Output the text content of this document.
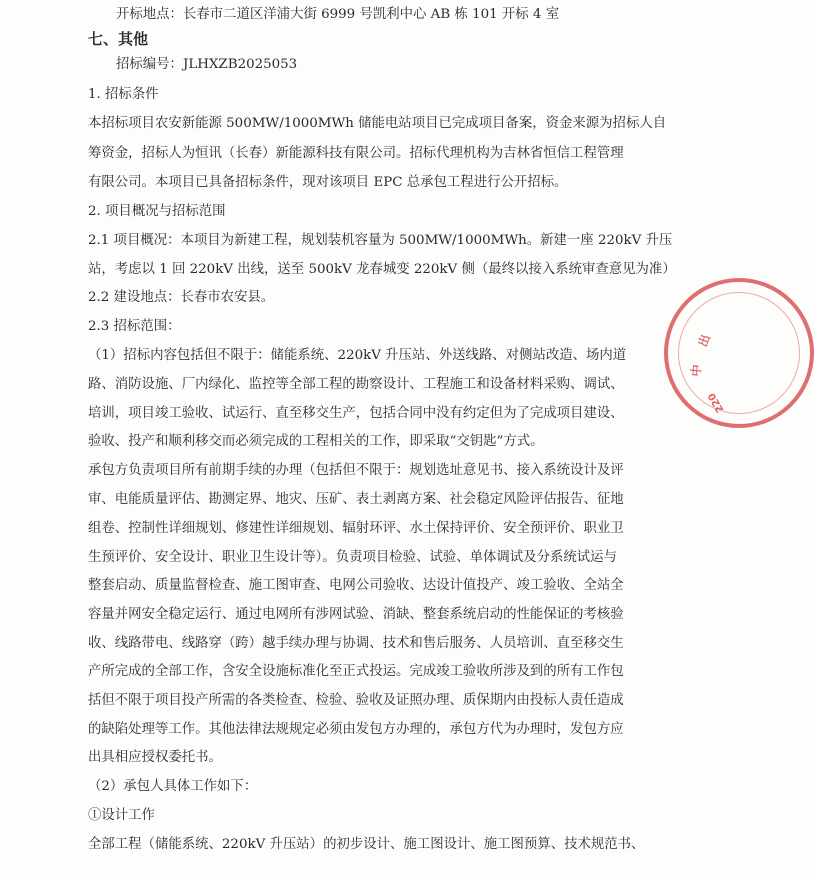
开标地点：长春市二道区洋浦大街 6999 号凯利中心 AB 栋 101 开标 4 室
七、其他
招标编号：JLHXZB2025053
1. 招标条件
本招标项目农安新能源 500MW/1000MWh 储能电站项目已完成项目备案，资金来源为招标人自
筹资金，招标人为恒讯（长春）新能源科技有限公司。招标代理机构为吉林省恒信工程管理
有限公司。本项目已具备招标条件，现对该项目 EPC 总承包工程进行公开招标。
2. 项目概况与招标范围
2.1 项目概况：本项目为新建工程，规划装机容量为 500MW/1000MWh。新建一座 220kV 升压
站，考虑以 1 回 220kV 出线，送至 500kV 龙春城变 220kV 侧（最终以接入系统审查意见为准）
2.2 建设地点：长春市农安县。
2.3 招标范围：
（1）招标内容包括但不限于：储能系统、220kV 升压站、外送线路、对侧站改造、场内道
路、消防设施、厂内绿化、监控等全部工程的勘察设计、工程施工和设备材料采购、调试、
培训，项目竣工验收、试运行、直至移交生产，包括合同中没有约定但为了完成项目建设、
验收、投产和顺利移交而必须完成的工程相关的工作，即采取“交钥匙”方式。
承包方负责项目所有前期手续的办理（包括但不限于：规划选址意见书、接入系统设计及评
审、电能质量评估、勘测定界、地灾、压矿、表土剥离方案、社会稳定风险评估报告、征地
组卷、控制性详细规划、修建性详细规划、辐射环评、水土保持评价、安全预评价、职业卫
生预评价、安全设计、职业卫生设计等）。负责项目检验、试验、单体调试及分系统试运与
整套启动、质量监督检查、施工图审查、电网公司验收、达设计值投产、竣工验收、全站全
容量并网安全稳定运行、通过电网所有涉网试验、消缺、整套系统启动的性能保证的考核验
收、线路带电、线路穿（跨）越手续办理与协调、技术和售后服务、人员培训、直至移交生
产所完成的全部工作，含安全设施标准化至正式投运。完成竣工验收所涉及到的所有工作包
括但不限于项目投产所需的各类检查、检验、验收及证照办理、质保期内由投标人责任造成
的缺陷处理等工作。其他法律法规规定必须由发包方办理的，承包方代为办理时，发包方应
出具相应授权委托书。
（2）承包人具体工作如下：
①设计工作
全部工程（储能系统、220kV 升压站）的初步设计、施工图设计、施工图预算、技术规范书、
出
中
220
